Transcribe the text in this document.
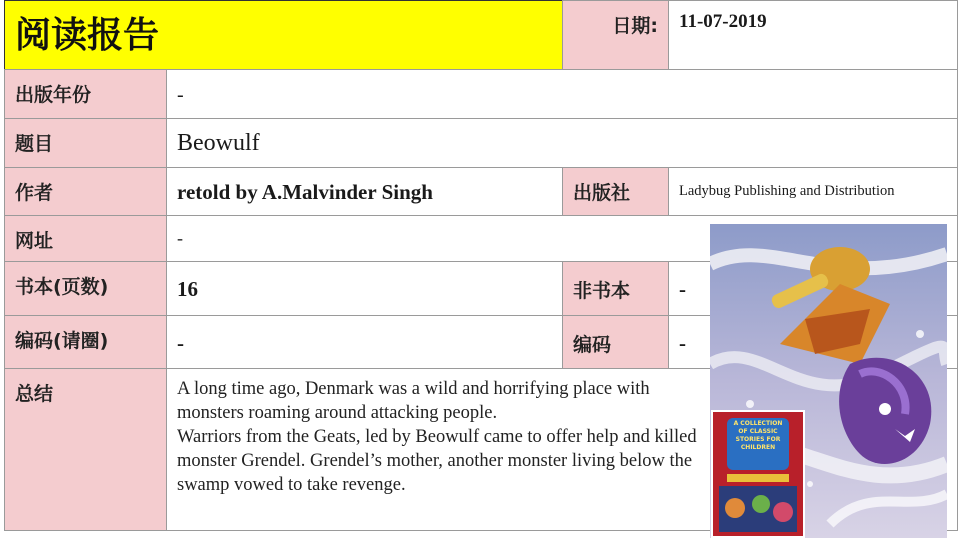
阅读报告	日期:	11-07-2019
出版年份	-
题目	Beowulf
作者	retold by A.Malvinder Singh	出版社	Ladybug Publishing and Distribution
网址	-
书本(页数)	16	非书本	-
编码(请圈)	-	编码	-
总结	A long time ago, Denmark was a wild and horrifying place with monsters roaming around attacking people.
Warriors from the Geats, led by Beowulf came to offer help and killed monster Grendel. Grendel’s mother, another monster living below the swamp vowed to take revenge.
A COLLECTION OF CLASSIC STORIES FOR CHILDREN
